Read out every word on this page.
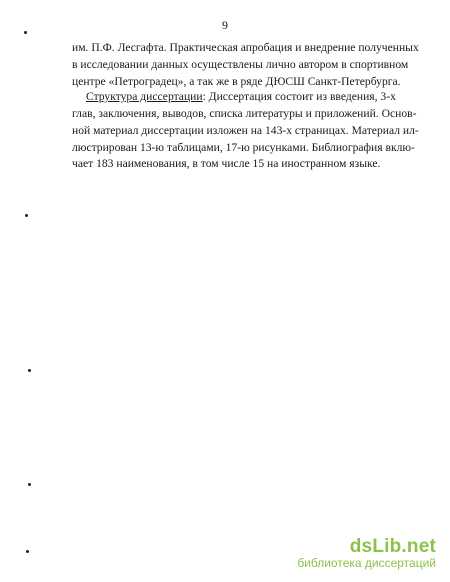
9
им. П.Ф. Лесгафта. Практическая апробация и внедрение полученных
в исследовании данных осуществлены лично автором в спортивном
центре «Петроградец», а так же в ряде ДЮСШ Санкт-Петербурга.
Структура диссертации: Диссертация состоит из введения, 3-х
глав, заключения, выводов, списка литературы и приложений. Основ-
ной материал диссертации изложен на 143-х страницах. Материал ил-
люстрирован 13-ю таблицами, 17-ю рисунками. Библиография вклю-
чает 183 наименования, в том числе 15 на иностранном языке.
dsLib.net
библиотека диссертаций
